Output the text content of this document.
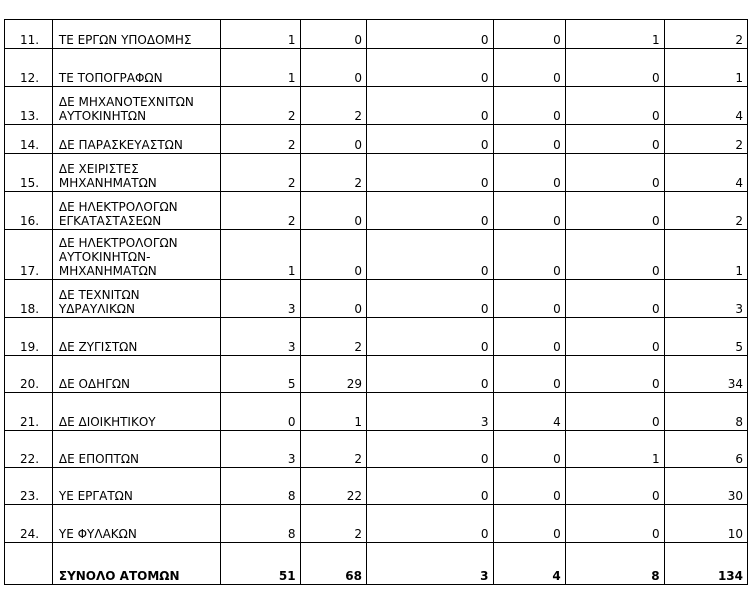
11.	ΤΕ ΕΡΓΩΝ ΥΠΟΔΟΜΗΣ	1	0	0	0	1	2
12.	ΤΕ ΤΟΠΟΓΡΑΦΩΝ	1	0	0	0	0	1
13.	ΔΕ ΜΗΧΑΝΟΤΕΧΝΙΤΩΝ
ΑΥΤΟΚΙΝΗΤΩΝ	2	2	0	0	0	4
14.	ΔΕ ΠΑΡΑΣΚΕΥΑΣΤΩΝ	2	0	0	0	0	2
15.	ΔΕ ΧΕΙΡΙΣΤΕΣ
ΜΗΧΑΝΗΜΑΤΩΝ	2	2	0	0	0	4
16.	ΔΕ ΗΛΕΚΤΡΟΛΟΓΩΝ
ΕΓΚΑΤΑΣΤΑΣΕΩΝ	2	0	0	0	0	2
17.	ΔΕ ΗΛΕΚΤΡΟΛΟΓΩΝ
ΑΥΤΟΚΙΝΗΤΩΝ-
ΜΗΧΑΝΗΜΑΤΩΝ	1	0	0	0	0	1
18.	ΔΕ ΤΕΧΝΙΤΩΝ
ΥΔΡΑΥΛΙΚΩΝ	3	0	0	0	0	3
19.	ΔΕ ΖΥΓΙΣΤΩΝ	3	2	0	0	0	5
20.	ΔΕ ΟΔΗΓΩΝ	5	29	0	0	0	34
21.	ΔΕ ΔΙΟΙΚΗΤΙΚΟΥ	0	1	3	4	0	8
22.	ΔΕ ΕΠΟΠΤΩΝ	3	2	0	0	1	6
23.	ΥΕ ΕΡΓΑΤΩΝ	8	22	0	0	0	30
24.	ΥΕ ΦΥΛΑΚΩΝ	8	2	0	0	0	10
	ΣΥΝΟΛΟ ΑΤΟΜΩΝ	51	68	3	4	8	134
